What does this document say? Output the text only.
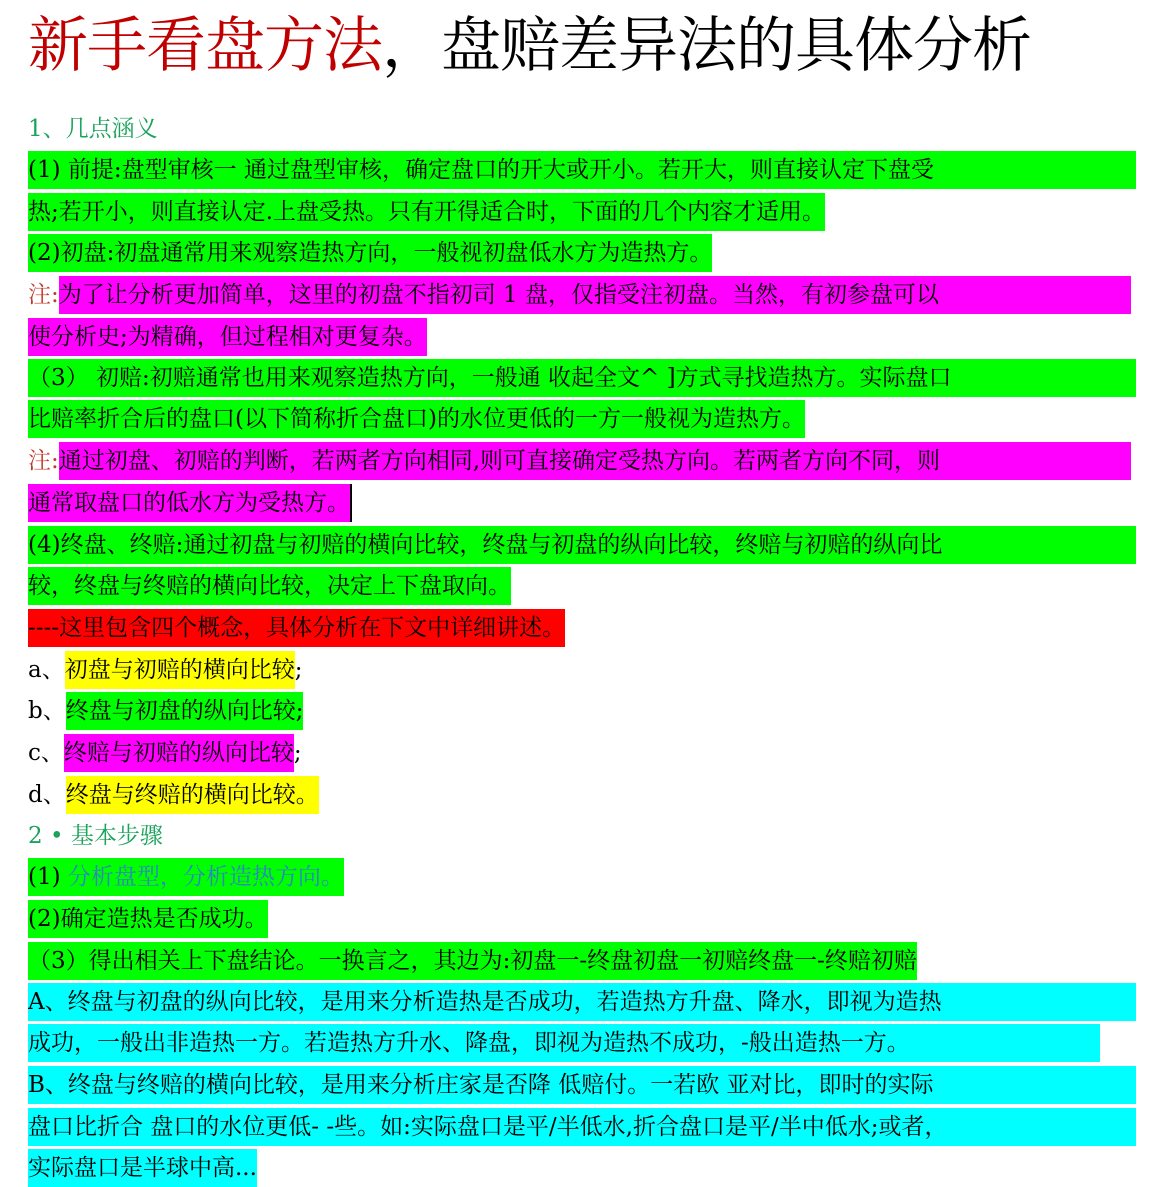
新手看盘方法，盘赔差异法的具体分析
1、几点涵义
(1) 前提:盘型审核一 通过盘型审核，确定盘口的开大或开小。若开大，则直接认定下盘受
热;若开小，则直接认定.上盘受热。只有开得适合时，下面的几个内容才适用。
(2)初盘:初盘通常用来观察造热方向，一般视初盘低水方为造热方。
注:为了让分析更加简单，这里的初盘不指初司 1 盘，仅指受注初盘。当然，有初参盘可以
使分析史;为精确，但过程相对更复杂。
（3） 初赔:初赔通常也用来观察造热方向，一般通 收起全文^ ]方式寻找造热方。实际盘口
比赔率折合后的盘口(以下简称折合盘口)的水位更低的一方一般视为造热方。
注:通过初盘、初赔的判断，若两者方向相同,则可直接确定受热方向。若两者方向不同，则
通常取盘口的低水方为受热方。
(4)终盘、终赔:通过初盘与初赔的横向比较，终盘与初盘的纵向比较，终赔与初赔的纵向比
较，终盘与终赔的横向比较，决定上下盘取向。
----这里包含四个概念，具体分析在下文中详细讲述。
a、初盘与初赔的横向比较;
b、终盘与初盘的纵向比较;
c、终赔与初赔的纵向比较;
d、终盘与终赔的横向比较。
2 • 基本步骤
(1) 分析盘型，分析造热方向。
(2)确定造热是否成功。
（3）得出相关上下盘结论。一换言之，其边为:初盘一-终盘初盘一初赔终盘一-终赔初赔
A、终盘与初盘的纵向比较，是用来分析造热是否成功，若造热方升盘、降水，即视为造热
成功，一般出非造热一方。若造热方升水、降盘，即视为造热不成功，-般出造热一方。
B、终盘与终赔的横向比较，是用来分析庄家是否降 低赔付。一若欧 亚对比，即时的实际
盘口比折合 盘口的水位更低- -些。如:实际盘口是平/半低水,折合盘口是平/半中低水;或者，
实际盘口是半球中高...
